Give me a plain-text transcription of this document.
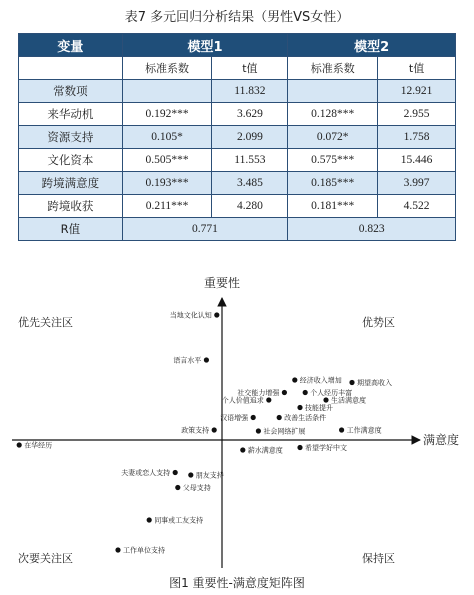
表7 多元回归分析结果（男性VS女性）
变量	模型1		模型2	
	标准系数	t值	标准系数	t值
常数项		11.832		12.921
来华动机	0.192***	3.629	0.128***	2.955
资源支持	0.105*	2.099	0.072*	1.758
文化资本	0.505***	11.553	0.575***	15.446
跨境满意度	0.193***	3.485	0.185***	3.997
跨境收获	0.211***	4.280	0.181***	4.522
R值	0.771		0.823	
重要性
满意度
优先关注区	优势区
次要关注区	保持区
当地文化认知
语言水平
经济收入增加 期望高收入
社交能力增强	个人经历丰富
个人价值追求	生活满意度
技能提升
汉语增强	改善生活条件
政策支持	社会网络扩展	工作满意度
在华经历
薪水满意度	希望学好中文
夫妻或恋人支持	朋友支持
父母支持
同事或工友支持
工作单位支持
图1 重要性-满意度矩阵图
